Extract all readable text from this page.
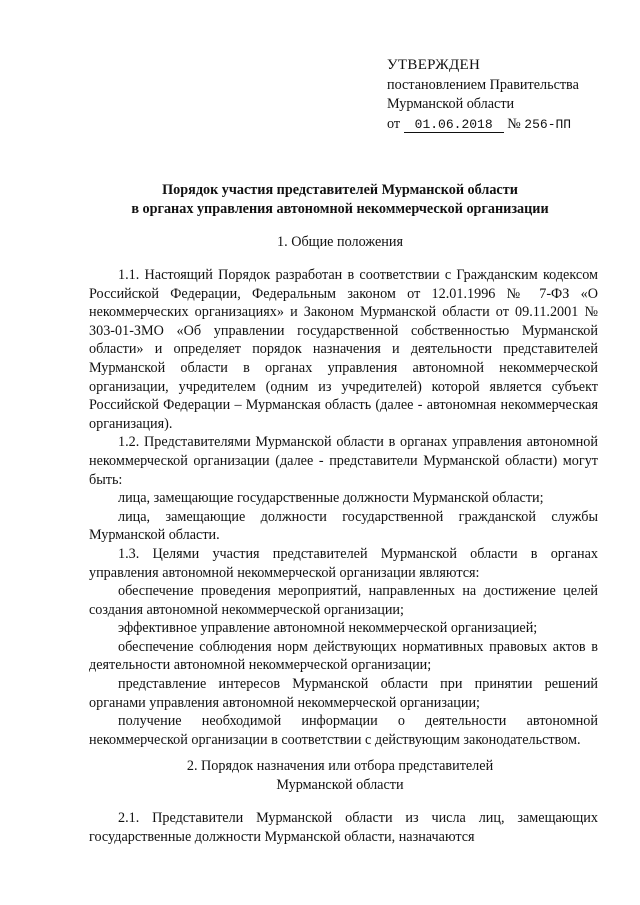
УТВЕРЖДЕН
постановлением Правительства
Мурманской области
от 01.06.2018 № 256-ПП
Порядок участия представителей Мурманской области
в органах управления автономной некоммерческой организации
1. Общие положения

1.1. Настоящий Порядок разработан в соответствии с Гражданским кодексом Российской Федерации, Федеральным законом от 12.01.1996 № 7-ФЗ «О некоммерческих организациях» и Законом Мурманской области от 09.11.2001 № 303-01-ЗМО «Об управлении государственной собственностью Мурманской области» и определяет порядок назначения и деятельности представителей Мурманской области в органах управления автономной некоммерческой организации, учредителем (одним из учредителей) которой является субъект Российской Федерации – Мурманская область (далее - автономная некоммерческая организация).

1.2. Представителями Мурманской области в органах управления автономной некоммерческой организации (далее - представители Мурманской области) могут быть:

лица, замещающие государственные должности Мурманской области;

лица, замещающие должности государственной гражданской службы Мурманской области.

1.3. Целями участия представителей Мурманской области в органах управления автономной некоммерческой организации являются:

обеспечение проведения мероприятий, направленных на достижение целей создания автономной некоммерческой организации;

эффективное управление автономной некоммерческой организацией;

обеспечение соблюдения норм действующих нормативных правовых актов в деятельности автономной некоммерческой организации;

представление интересов Мурманской области при принятии решений органами управления автономной некоммерческой организации;

получение необходимой информации о деятельности автономной некоммерческой организации в соответствии с действующим законодательством.

2. Порядок назначения или отбора представителей
Мурманской области

2.1. Представители Мурманской области из числа лиц, замещающих государственные должности Мурманской области, назначаются
